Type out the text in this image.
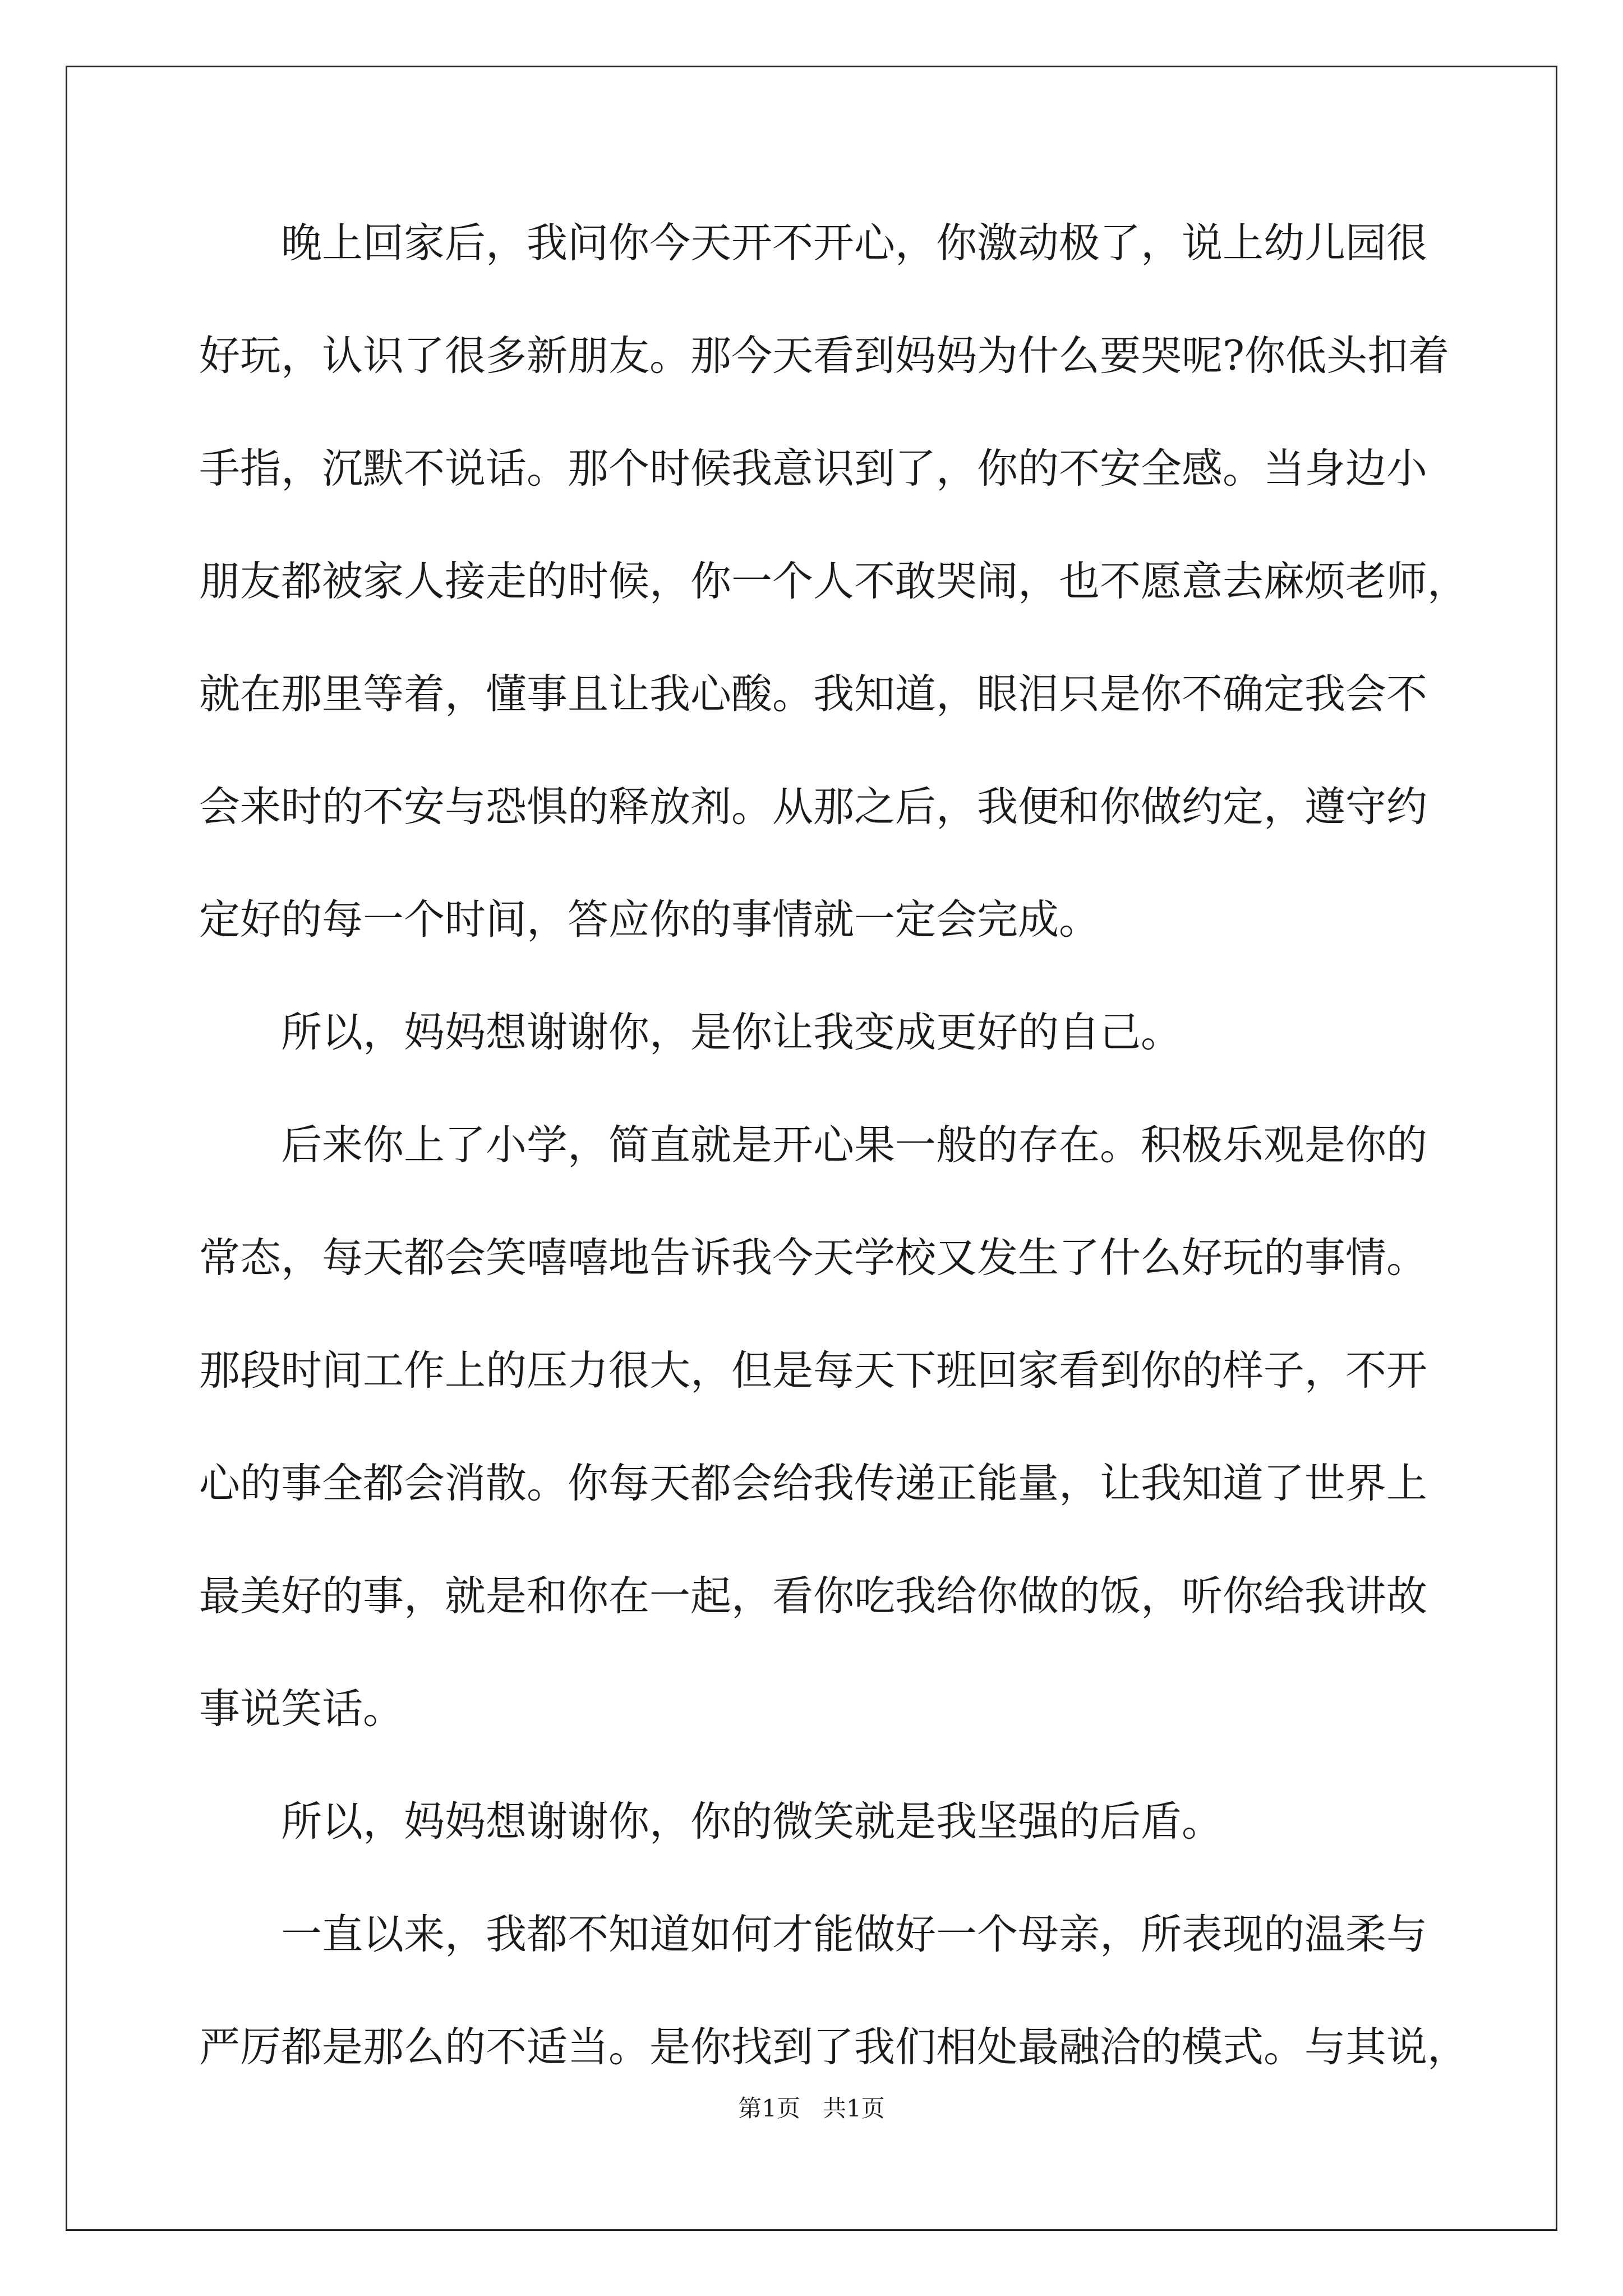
晚上回家后，我问你今天开不开心，你激动极了，说上幼儿园很
好玩，认识了很多新朋友。那今天看到妈妈为什么要哭呢?你低头扣着
手指，沉默不说话。那个时候我意识到了，你的不安全感。当身边小
朋友都被家人接走的时候，你一个人不敢哭闹，也不愿意去麻烦老师，
就在那里等着，懂事且让我心酸。我知道，眼泪只是你不确定我会不
会来时的不安与恐惧的释放剂。从那之后，我便和你做约定，遵守约
定好的每一个时间，答应你的事情就一定会完成。
所以，妈妈想谢谢你，是你让我变成更好的自己。
后来你上了小学，简直就是开心果一般的存在。积极乐观是你的
常态，每天都会笑嘻嘻地告诉我今天学校又发生了什么好玩的事情。
那段时间工作上的压力很大，但是每天下班回家看到你的样子，不开
心的事全都会消散。你每天都会给我传递正能量，让我知道了世界上
最美好的事，就是和你在一起，看你吃我给你做的饭，听你给我讲故
事说笑话。
所以，妈妈想谢谢你，你的微笑就是我坚强的后盾。
一直以来，我都不知道如何才能做好一个母亲，所表现的温柔与
严厉都是那么的不适当。是你找到了我们相处最融洽的模式。与其说，
第1页   共1页
